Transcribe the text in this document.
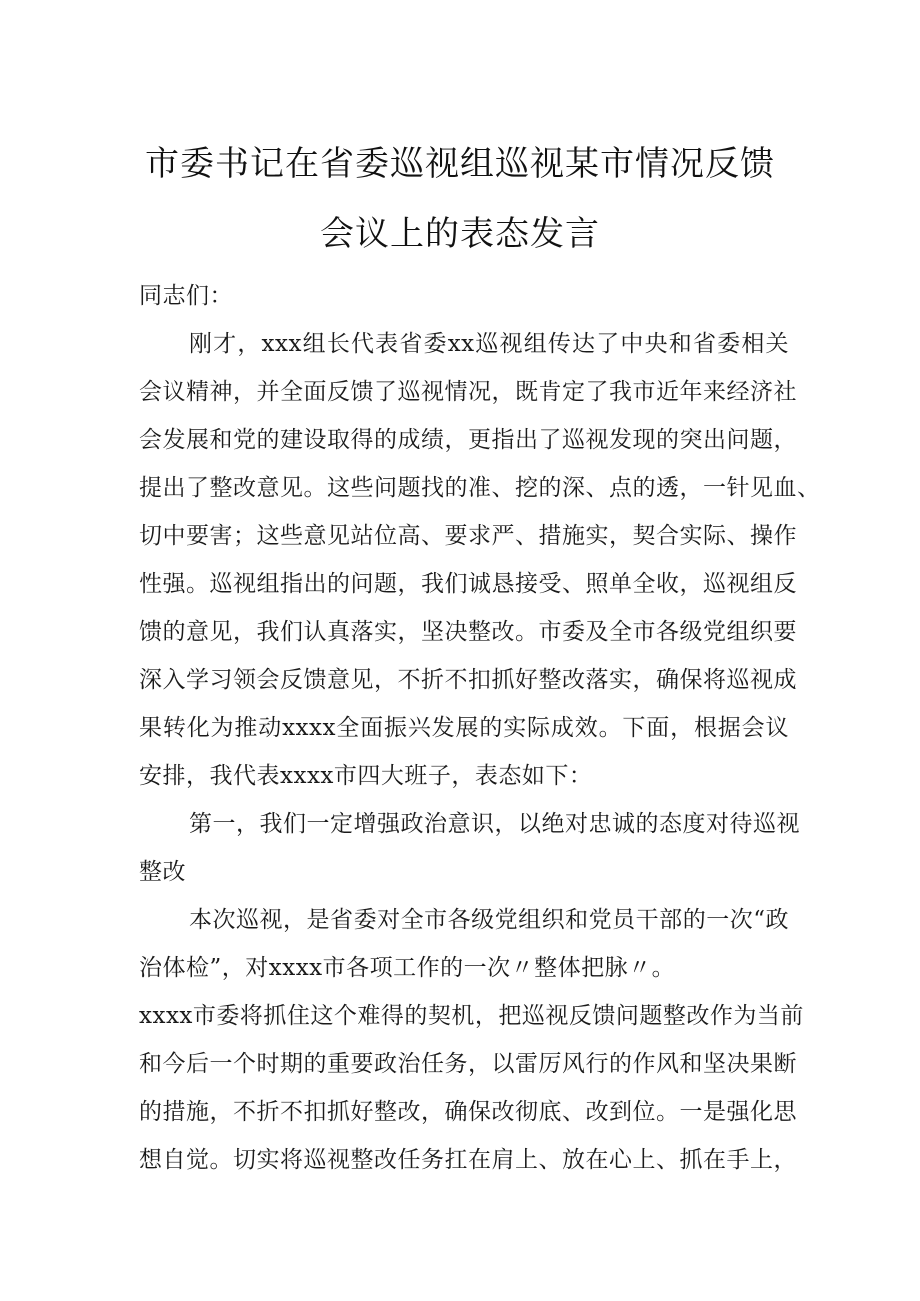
市委书记在省委巡视组巡视某市情况反馈
会议上的表态发言
同志们：
刚才，xxx组长代表省委xx巡视组传达了中央和省委相关
会议精神，并全面反馈了巡视情况，既肯定了我市近年来经济社
会发展和党的建设取得的成绩，更指出了巡视发现的突出问题，
提出了整改意见。这些问题找的准、挖的深、点的透，一针见血、
切中要害；这些意见站位高、要求严、措施实，契合实际、操作
性强。巡视组指出的问题，我们诚恳接受、照单全收，巡视组反
馈的意见，我们认真落实，坚决整改。市委及全市各级党组织要
深入学习领会反馈意见，不折不扣抓好整改落实，确保将巡视成
果转化为推动xxxx全面振兴发展的实际成效。下面，根据会议
安排，我代表xxxx市四大班子，表态如下：
第一，我们一定增强政治意识，以绝对忠诚的态度对待巡视
整改
本次巡视，是省委对全市各级党组织和党员干部的一次“政
治体检”，对xxxx市各项工作的一次〃整体把脉〃。
xxxx市委将抓住这个难得的契机，把巡视反馈问题整改作为当前
和今后一个时期的重要政治任务，以雷厉风行的作风和坚决果断
的措施，不折不扣抓好整改，确保改彻底、改到位。一是强化思
想自觉。切实将巡视整改任务扛在肩上、放在心上、抓在手上，
